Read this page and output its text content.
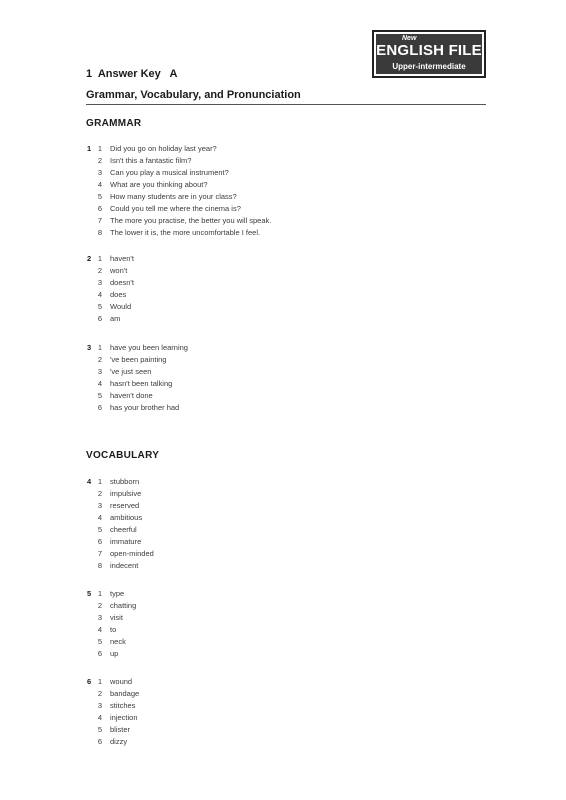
New
ENGLISH FILE
Upper-intermediate
1  Answer Key   A
Grammar, Vocabulary, and Pronunciation
GRAMMAR
VOCABULARY
1 1 Did you go on holiday last year?
2 Isn't this a fantastic film?
3 Can you play a musical instrument?
4 What are you thinking about?
5 How many students are in your class?
6 Could you tell me where the cinema is?
7 The more you practise, the better you will speak.
8 The lower it is, the more uncomfortable I feel.
2 1 haven't
2 won't
3 doesn't
4 does
5 Would
6 am
3 1 have you been learning
2 've been painting
3 've just seen
4 hasn't been talking
5 haven't done
6 has your brother had
4 1 stubborn
2 impulsive
3 reserved
4 ambitious
5 cheerful
6 immature
7 open-minded
8 indecent
5 1 type
2 chatting
3 visit
4 to
5 neck
6 up
6 1 wound
2 bandage
3 stitches
4 injection
5 blister
6 dizzy
